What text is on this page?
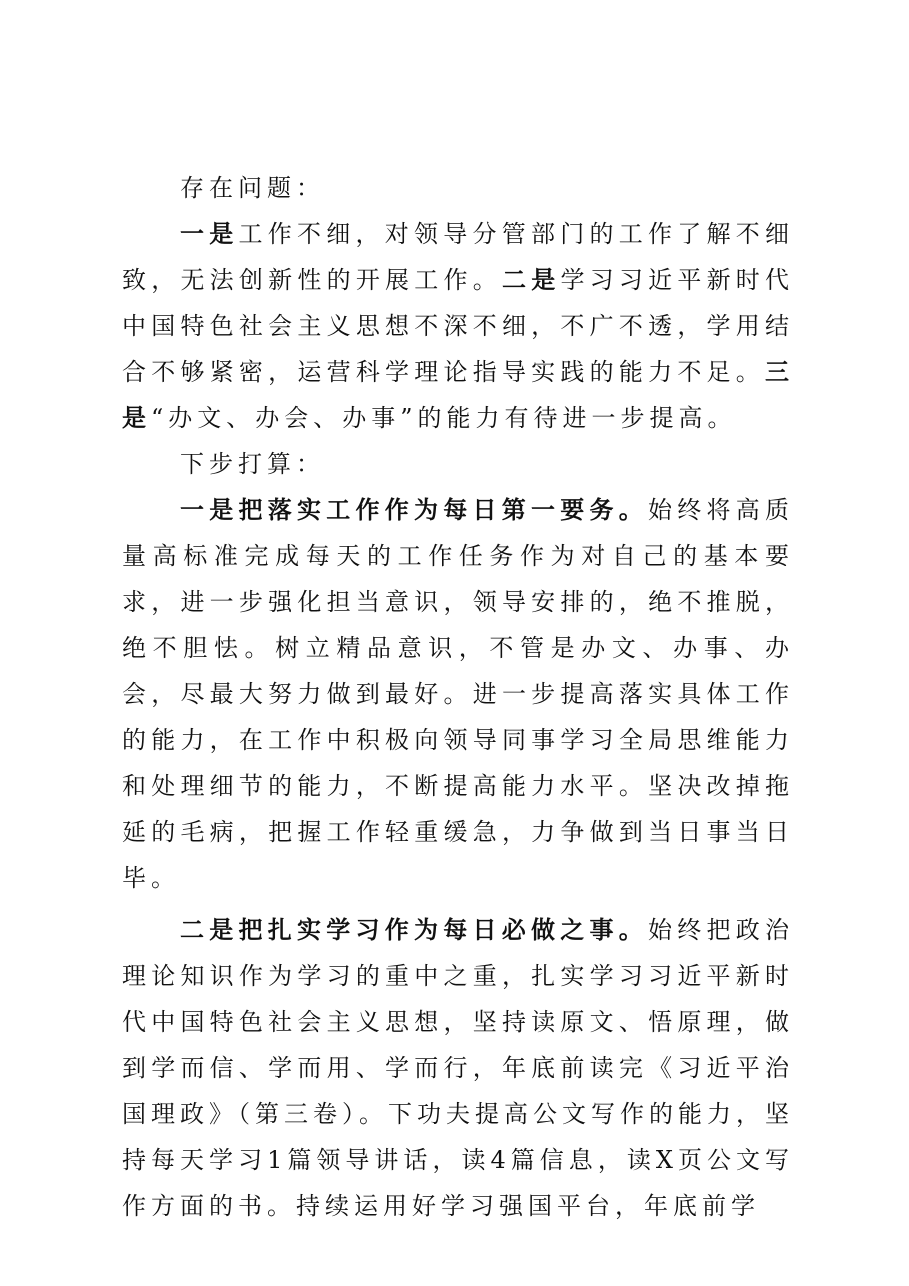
存在问题：

一是工作不细，对领导分管部门的工作了解不细致，无法创新性的开展工作。二是学习习近平新时代中国特色社会主义思想不深不细，不广不透，学用结合不够紧密，运营科学理论指导实践的能力不足。三是“办文、办会、办事”的能力有待进一步提高。

下步打算：

一是把落实工作作为每日第一要务。始终将高质量高标准完成每天的工作任务作为对自己的基本要求，进一步强化担当意识，领导安排的，绝不推脱，绝不胆怯。树立精品意识，不管是办文、办事、办会，尽最大努力做到最好。进一步提高落实具体工作的能力，在工作中积极向领导同事学习全局思维能力和处理细节的能力，不断提高能力水平。坚决改掉拖延的毛病，把握工作轻重缓急，力争做到当日事当日毕。

二是把扎实学习作为每日必做之事。始终把政治理论知识作为学习的重中之重，扎实学习习近平新时代中国特色社会主义思想，坚持读原文、悟原理，做到学而信、学而用、学而行，年底前读完《习近平治国理政》（第三卷）。下功夫提高公文写作的能力，坚持每天学习1篇领导讲话，读4篇信息，读X页公文写作方面的书。持续运用好学习强国平台，年底前学
